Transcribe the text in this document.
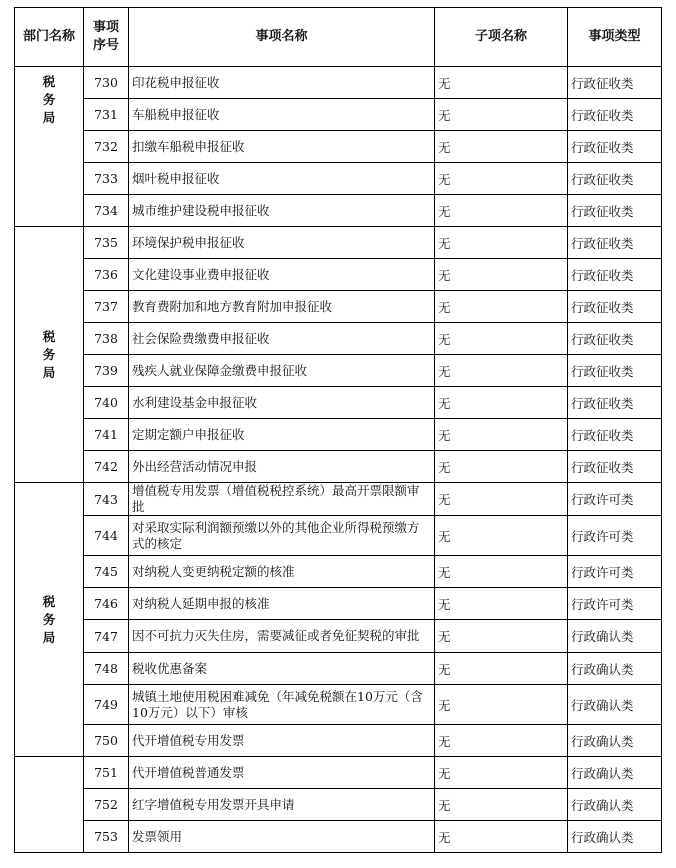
部门名称	事项序号	事项名称	子项名称	事项类型
税务局	730	印花税申报征收	无	行政征收类
	731	车船税申报征收	无	行政征收类
	732	扣缴车船税申报征收	无	行政征收类
	733	烟叶税申报征收	无	行政征收类
	734	城市维护建设税申报征收	无	行政征收类
税务局	735	环境保护税申报征收	无	行政征收类
	736	文化建设事业费申报征收	无	行政征收类
	737	教育费附加和地方教育附加申报征收	无	行政征收类
	738	社会保险费缴费申报征收	无	行政征收类
	739	残疾人就业保障金缴费申报征收	无	行政征收类
	740	水利建设基金申报征收	无	行政征收类
	741	定期定额户申报征收	无	行政征收类
	742	外出经营活动情况申报	无	行政征收类
税务局	743	增值税专用发票（增值税税控系统）最高开票限额审批	无	行政许可类
	744	对采取实际利润额预缴以外的其他企业所得税预缴方式的核定	无	行政许可类
	745	对纳税人变更纳税定额的核准	无	行政许可类
	746	对纳税人延期申报的核准	无	行政许可类
	747	因不可抗力灭失住房，需要减征或者免征契税的审批	无	行政确认类
	748	税收优惠备案	无	行政确认类
	749	城镇土地使用税困难减免（年减免税额在10万元（含10万元）以下）审核	无	行政确认类
	750	代开增值税专用发票	无	行政确认类
	751	代开增值税普通发票	无	行政确认类
	752	红字增值税专用发票开具申请	无	行政确认类
	753	发票领用	无	行政确认类
